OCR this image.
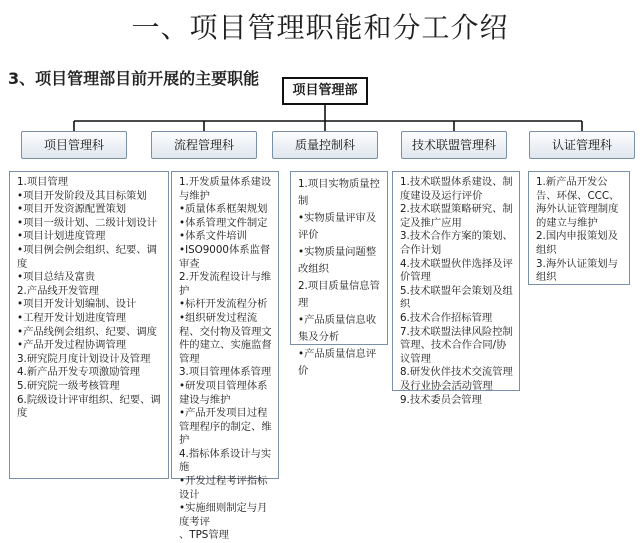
一、项目管理职能和分工介绍
3、项目管理部目前开展的主要职能
项目管理部
项目管理科	流程管理科	质量控制科	技术联盟管理科	认证管理科
1.项目管理
•项目开发阶段及其目标策划
•项目开发资源配置策划
•项目一级计划、二级计划设计
•项目计划进度管理
•项目例会例会组织、纪要、调度
•项目总结及富贵
2.产品线开发管理
•项目开发计划编制、设计
•工程开发计划进度管理
•产品线例会组织、纪要、调度
•产品开发过程协调管理
3.研究院月度计划设计及管理
4.新产品开发专项激励管理
5.研究院一级考核管理
6.院级设计评审组织、纪要、调度
1.开发质量体系建设与维护
•质量体系框架规划
•体系管理文件制定
•体系文件培训
•ISO9000体系监督审查
2.开发流程设计与维护
•标杆开发流程分析
•组织研发过程流程、交付物及管理文件的建立、实施监督管理
3.项目管理体系管理
•研发项目管理体系建设与维护
•产品开发项目过程管理程序的制定、维护
4.指标体系设计与实施
•开发过程考评指标设计
•实施细则制定与月度考评
、TPS管理
1.项目实物质量控制
•实物质量评审及评价
•实物质量问题整改组织
2.项目质量信息管理
•产品质量信息收集及分析
•产品质量信息评价
1.技术联盟体系建设、制度建设及运行评价
2.技术联盟策略研究、制定及推广应用
3.技术合作方案的策划、合作计划
4.技术联盟伙伴选择及评价管理
5.技术联盟年会策划及组织
6.技术合作招标管理
7.技术联盟法律风险控制管理、技术合作合同/协议管理
8.研发伙伴技术交流管理及行业协会活动管理
9.技术委员会管理
1.新产品开发公告、环保、CCC、海外认证管理制度的建立与维护
2.国内申报策划及组织
3.海外认证策划与组织
